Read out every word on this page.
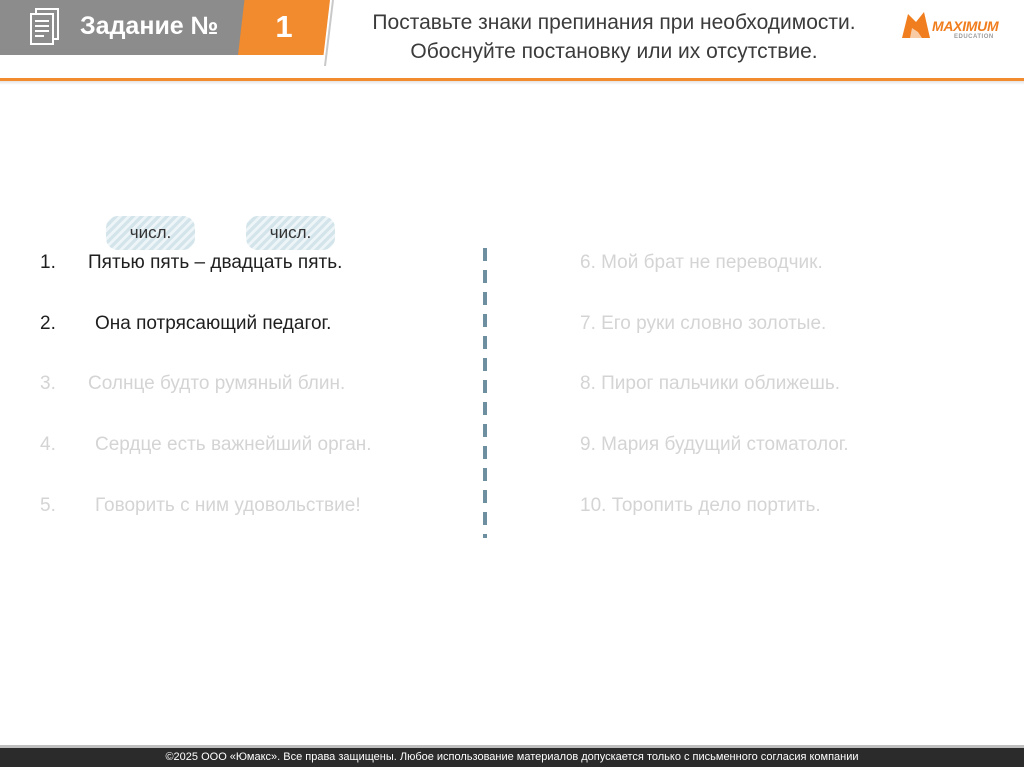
Задание №	1	Поставьте знаки препинания при необходимости.
Обоснуйте постановку или их отсутствие.
MAXIMUM
EDUCATION
числ.	числ.
1. Пятью пять – двадцать пять.
2. Она потрясающий педагог.
3. Солнце будто румяный блин.
4. Сердце есть важнейший орган.
5. Говорить с ним удовольствие!
6. Мой брат не переводчик.
7. Его руки словно золотые.
8. Пирог пальчики оближешь.
9. Мария будущий стоматолог.
10. Торопить дело портить.
©2025 ООО «Юмакс». Все права защищены. Любое использование материалов допускается только с письменного согласия компании
